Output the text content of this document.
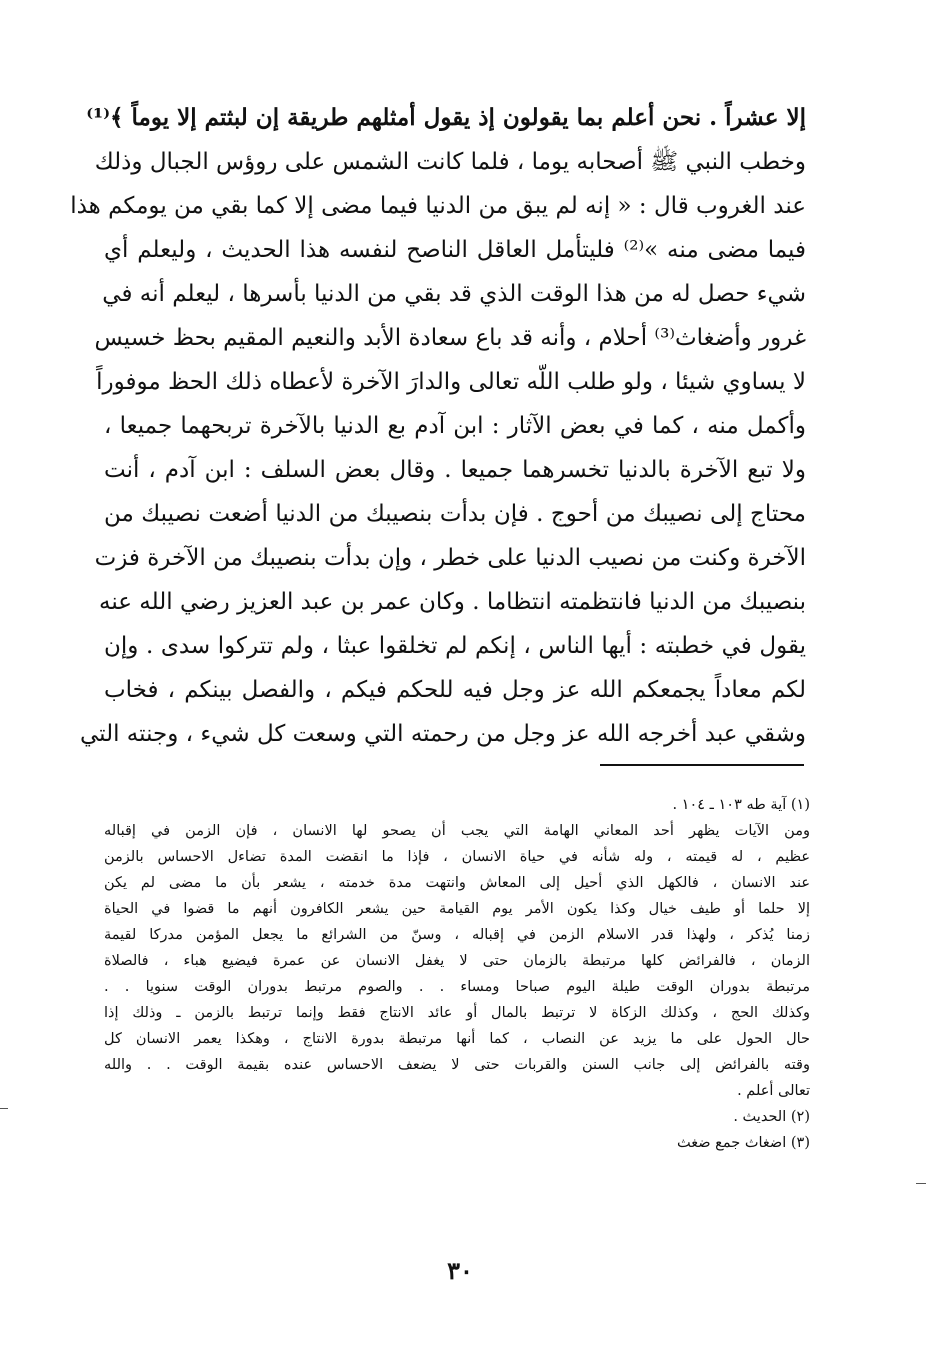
إلا عشراً . نحن أعلم بما يقولون إذ يقول أمثلهم طريقة إن لبثتم إلا يوماً ﴾⁽¹⁾
وخطب النبي ﷺ أصحابه يوما ، فلما كانت الشمس على روؤس الجبال وذلك
عند الغروب قال : « إنه لم يبق من الدنيا فيما مضى إلا كما بقي من يومكم هذا
فيما مضى منه »⁽²⁾ فليتأمل العاقل الناصح لنفسه هذا الحديث ، وليعلم أي
شيء حصل له من هذا الوقت الذي قد بقي من الدنيا بأسرها ، ليعلم أنه في
غرور وأضغاث⁽³⁾ أحلام ، وأنه قد باع سعادة الأبد والنعيم المقيم بحظ خسيس
لا يساوي شيئا ، ولو طلب اللّه تعالى والدارَ الآخرة لأعطاه ذلك الحظ موفوراً
وأكمل منه ، كما في بعض الآثار : ابن آدم بع الدنيا بالآخرة تربحهما جميعا ،
ولا تبع الآخرة بالدنيا تخسرهما جميعا . وقال بعض السلف : ابن آدم ، أنت
محتاج إلى نصيبك من أحوج . فإن بدأت بنصيبك من الدنيا أضعت نصيبك من
الآخرة وكنت من نصيب الدنيا على خطر ، وإن بدأت بنصيبك من الآخرة فزت
بنصيبك من الدنيا فانتظمته انتظاما . وكان عمر بن عبد العزيز رضي الله عنه
يقول في خطبته : أيها الناس ، إنكم لم تخلقوا عبثا ، ولم تتركوا سدى . وإن
لكم معاداً يجمعكم الله عز وجل فيه للحكم فيكم ، والفصل بينكم ، فخاب
وشقي عبد أخرجه الله عز وجل من رحمته التي وسعت كل شيء ، وجنته التي
(١) آية طه ١٠٣ ـ ١٠٤ .
ومن الآيات يظهر أحد المعاني الهامة التي يجب أن يصحو لها الانسان ، فإن الزمن في إقباله
عظيم ، له قيمته ، وله شأنه في حياة الانسان ، فإذا ما انقضت المدة تضاءل الاحساس بالزمن
عند الانسان ، فالكهل الذي أحيل إلى المعاش وانتهت مدة خدمته ، يشعر بأن ما مضى لم يكن
إلا حلما أو طيف خيال وكذا يكون الأمر يوم القيامة حين يشعر الكافرون أنهم ما قضوا في الحياة
زمنا يُذكر ، ولهذا قدر الاسلام الزمن في إقباله ، وسنّ من الشرائع ما يجعل المؤمن مدركا لقيمة
الزمان ، فالفرائض كلها مرتبطة بالزمان حتى لا يغفل الانسان عن عمرة فيضيع هباء ، فالصلاة
مرتبطة بدوران الوقت طيلة اليوم صباحا ومساء . . والصوم مرتبط بدوران الوقت سنويا . .
وكذلك الحج ، وكذلك الزكاة لا ترتبط بالمال أو عائد الانتاج فقط وإنما ترتبط بالزمن ـ وذلك إذا
حال الحول على ما يزيد عن النصاب ، كما أنها مرتبطة بدورة الانتاج ، وهكذا يعمر الانسان كل
وقته بالفرائض إلى جانب السنن والقربات حتى لا يضعف الاحساس عنده بقيمة الوقت . . والله
تعالى أعلم .
(٢) الحديث .
(٣) اضغاث جمع ضغث
٣٠
